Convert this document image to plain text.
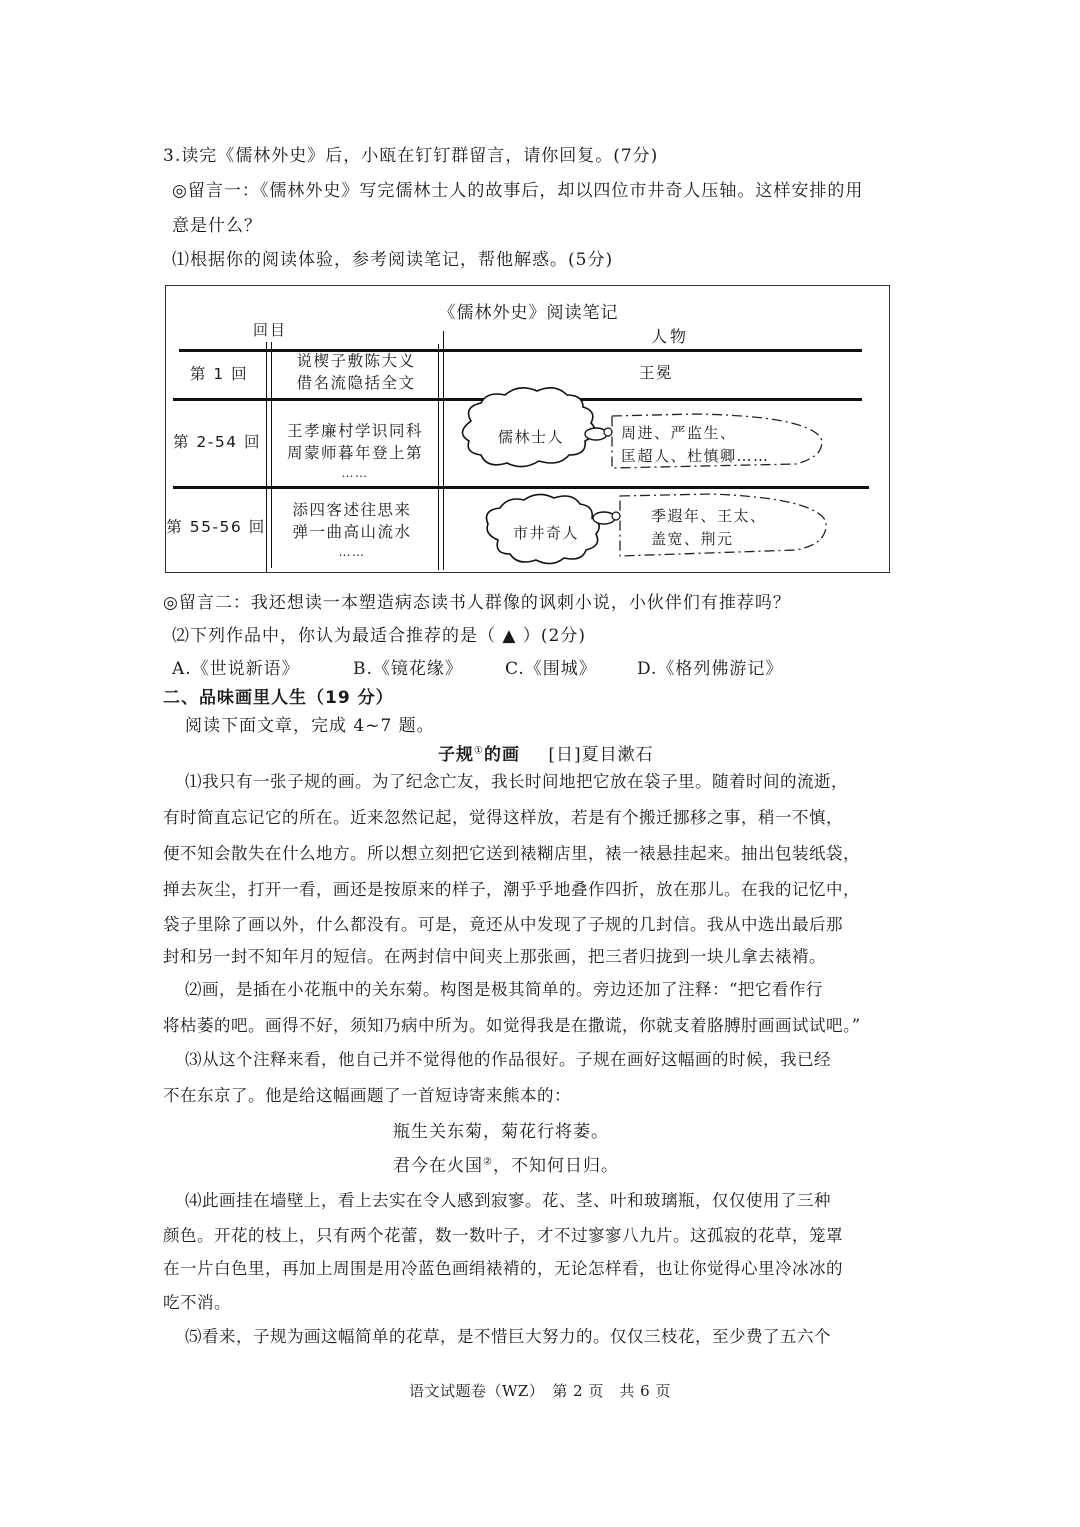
3.读完《儒林外史》后，小瓯在钉钉群留言，请你回复。(7分)
◎留言一：《儒林外史》写完儒林士人的故事后，却以四位市井奇人压轴。这样安排的用
意是什么？
⑴根据你的阅读体验，参考阅读笔记，帮他解惑。(5分)
《儒林外史》阅读笔记
回目	人物
第 1 回
说楔子敷陈大义
借名流隐括全文
王冕
第 2-54 回
王孝廉村学识同科
周蒙师暮年登上第
……
第 55-56 回
添四客述往思来
弹一曲高山流水
……
儒林士人
市井奇人
周进、严监生、
匡超人、杜慎卿……
季遐年、王太、
盖宽、荆元
◎留言二：我还想读一本塑造病态读书人群像的讽刺小说，小伙伴们有推荐吗？
⑵下列作品中，你认为最适合推荐的是（ ▲ ）(2分)
A.《世说新语》	B.《镜花缘》 C.《围城》 D.《格列佛游记》
二、品味画里人生（19 分）
阅读下面文章，完成 4~7 题。
子规①的画 [日]夏目漱石
⑴我只有一张子规的画。为了纪念亡友，我长时间地把它放在袋子里。随着时间的流逝，
有时简直忘记它的所在。近来忽然记起，觉得这样放，若是有个搬迁挪移之事，稍一不慎，
便不知会散失在什么地方。所以想立刻把它送到裱糊店里，裱一裱悬挂起来。抽出包装纸袋，
掸去灰尘，打开一看，画还是按原来的样子，潮乎乎地叠作四折，放在那儿。在我的记忆中，
袋子里除了画以外，什么都没有。可是，竟还从中发现了子规的几封信。我从中选出最后那
封和另一封不知年月的短信。在两封信中间夹上那张画，把三者归拢到一块儿拿去裱褙。
⑵画，是插在小花瓶中的关东菊。构图是极其简单的。旁边还加了注释：“把它看作行
将枯萎的吧。画得不好，须知乃病中所为。如觉得我是在撒谎，你就支着胳膊肘画画试试吧。”
⑶从这个注释来看，他自己并不觉得他的作品很好。子规在画好这幅画的时候，我已经
不在东京了。他是给这幅画题了一首短诗寄来熊本的：
瓶生关东菊，菊花行将萎。
君今在火国②，不知何日归。
⑷此画挂在墙壁上，看上去实在令人感到寂寥。花、茎、叶和玻璃瓶，仅仅使用了三种
颜色。开花的枝上，只有两个花蕾，数一数叶子，才不过寥寥八九片。这孤寂的花草，笼罩
在一片白色里，再加上周围是用冷蓝色画绢裱褙的，无论怎样看，也让你觉得心里冷冰冰的
吃不消。
⑸看来，子规为画这幅简单的花草，是不惜巨大努力的。仅仅三枝花，至少费了五六个
语文试题卷（WZ）　第 2 页　共 6 页
